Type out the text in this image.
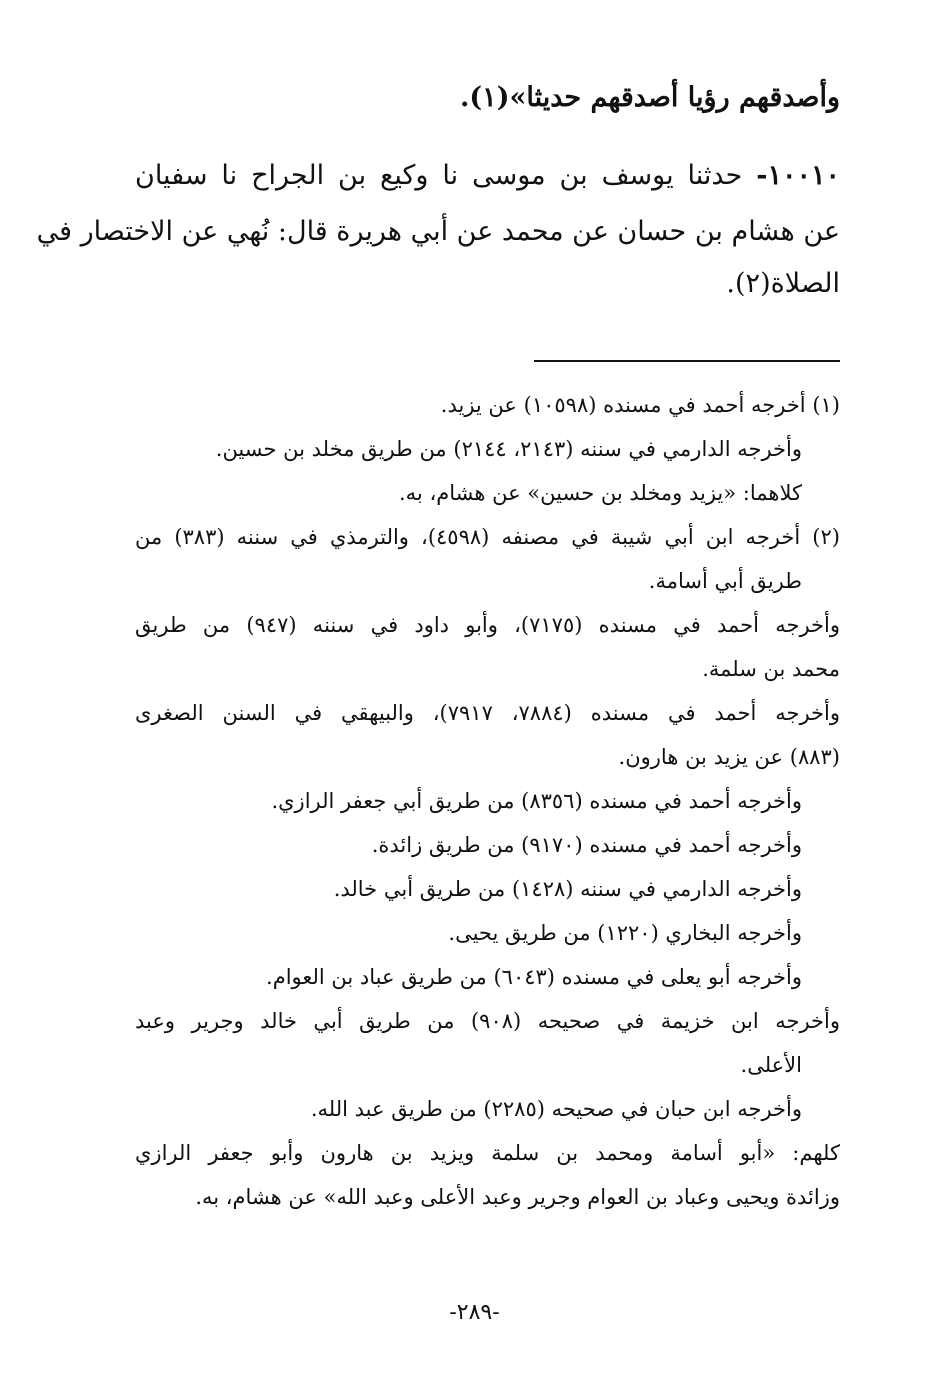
وأصدقهم رؤيا أصدقهم حديثا»(١).
١٠٠١٠- حدثنا يوسف بن موسى نا وكيع بن الجراح نا سفيان
عن هشام بن حسان عن محمد عن أبي هريرة قال: نُهي عن الاختصار في
الصلاة(٢).
(١) أخرجه أحمد في مسنده (١٠٥٩٨) عن يزيد.
وأخرجه الدارمي في سننه (٢١٤٣، ٢١٤٤) من طريق مخلد بن حسين.
كلاهما: «يزيد ومخلد بن حسين» عن هشام، به.
(٢) أخرجه ابن أبي شيبة في مصنفه (٤٥٩٨)، والترمذي في سننه (٣٨٣) من
طريق أبي أسامة.
وأخرجه أحمد في مسنده (٧١٧٥)، وأبو داود في سننه (٩٤٧) من طريق
محمد بن سلمة.
وأخرجه أحمد في مسنده (٧٨٨٤، ٧٩١٧)، والبيهقي في السنن الصغرى
(٨٨٣) عن يزيد بن هارون.
وأخرجه أحمد في مسنده (٨٣٥٦) من طريق أبي جعفر الرازي.
وأخرجه أحمد في مسنده (٩١٧٠) من طريق زائدة.
وأخرجه الدارمي في سننه (١٤٢٨) من طريق أبي خالد.
وأخرجه البخاري (١٢٢٠) من طريق يحيى.
وأخرجه أبو يعلى في مسنده (٦٠٤٣) من طريق عباد بن العوام.
وأخرجه ابن خزيمة في صحيحه (٩٠٨) من طريق أبي خالد وجرير وعبد
الأعلى.
وأخرجه ابن حبان في صحيحه (٢٢٨٥) من طريق عبد الله.
كلهم: «أبو أسامة ومحمد بن سلمة ويزيد بن هارون وأبو جعفر الرازي
وزائدة ويحيى وعباد بن العوام وجرير وعبد الأعلى وعبد الله» عن هشام، به.
-٢٨٩-
